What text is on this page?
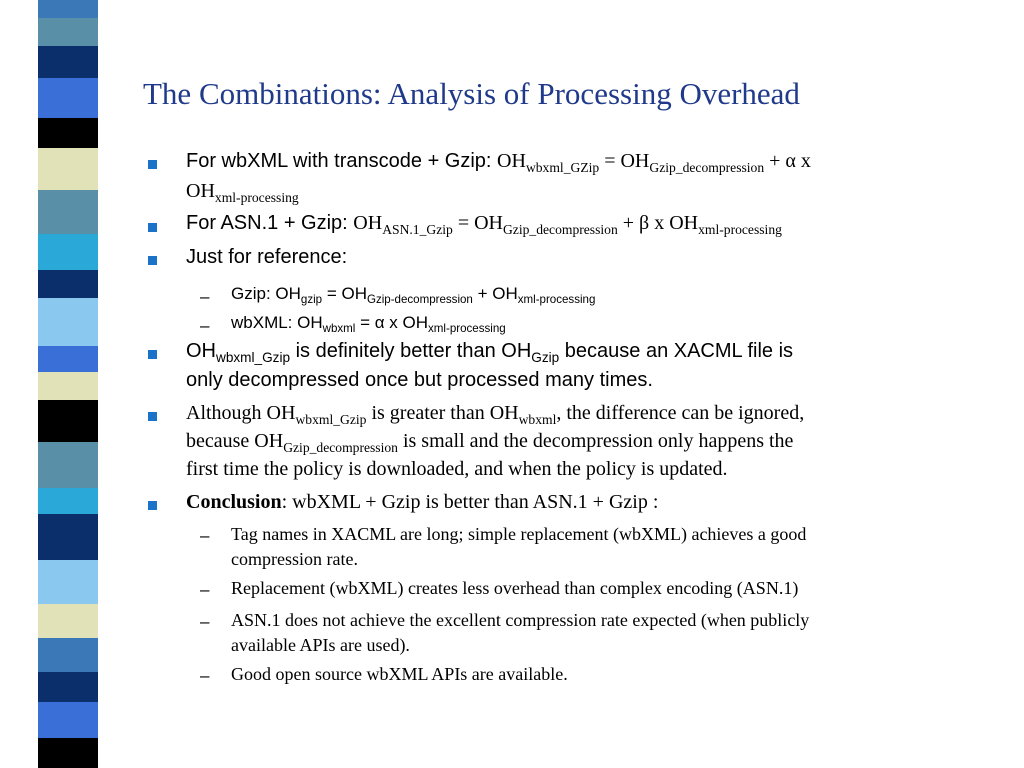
The Combinations: Analysis of Processing Overhead
For wbXML with transcode + Gzip: $OH_{wbxml\_GZip} = OH_{Gzip\_decompression} + \alpha$ x
$OH_{xml-processing}$
For ASN.1 + Gzip: $OH_{ASN.1\_Gzip} = OH_{Gzip\_decompression} + \beta$ x $OH_{xml-processing}$
Just for reference:
– Gzip: $OH_{gzip} = OH_{Gzip-decompression} + OH_{xml-processing}$
– wbXML: $OH_{wbxml} = \alpha$ x $OH_{xml-processing}$
$OH_{wbxml\_Gzip}$ is definitely better than $OH_{Gzip}$ because an XACML file is
only decompressed once but processed many times.
Although $OH_{wbxml\_Gzip}$ is greater than $OH_{wbxml}$, the difference can be ignored,
because $OH_{Gzip\_decompression}$ is small and the decompression only happens the
first time the policy is downloaded, and when the policy is updated.
Conclusion: wbXML + Gzip is better than ASN.1 + Gzip :
– Tag names in XACML are long; simple replacement (wbXML) achieves a good
compression rate.
– Replacement (wbXML) creates less overhead than complex encoding (ASN.1)
– ASN.1 does not achieve the excellent compression rate expected (when publicly
available APIs are used).
– Good open source wbXML APIs are available.
